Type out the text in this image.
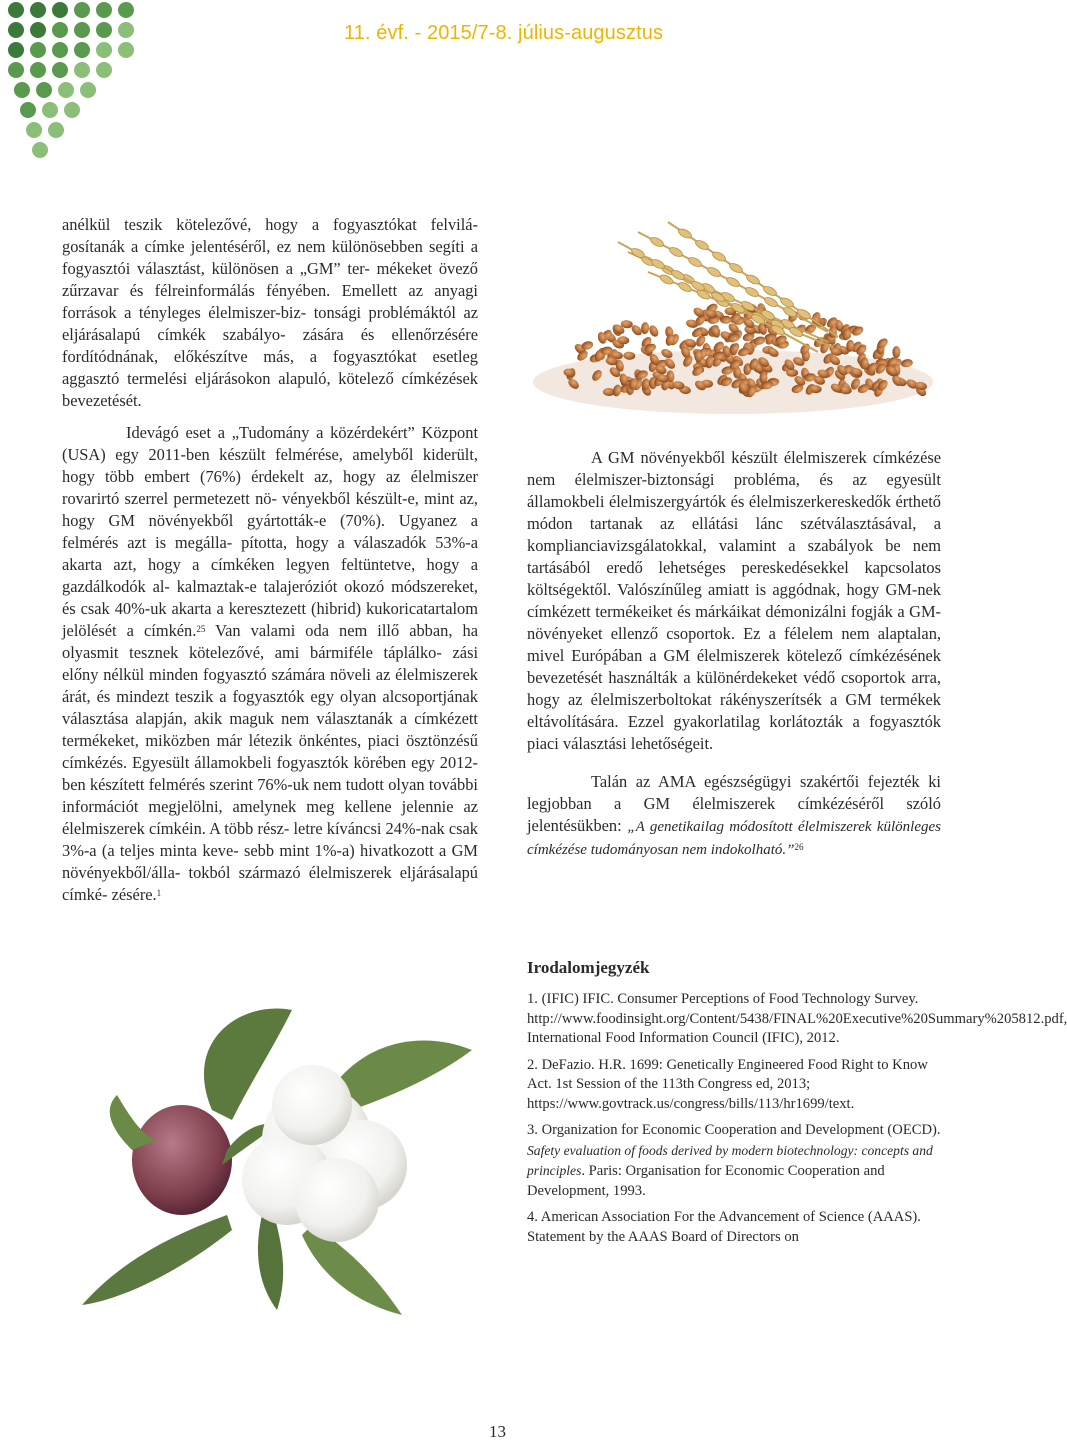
11. évf. - 2015/7-8. július-augusztus

anélkül teszik kötelezővé, hogy a fogyasztókat felvilá- gosítanák a címke jelentéséről, ez nem különösebben segíti a fogyasztói választást, különösen a „GM” ter- mékeket övező zűrzavar és félreinformálás fényében. Emellett az anyagi források a tényleges élelmiszer-biz- tonsági problémáktól az eljárásalapú címkék szabályo- zására és ellenőrzésére fordítódnának, előkészítve más, a fogyasztókat esetleg aggasztó termelési eljárásokon alapuló, kötelező címkézések bevezetését.

Idevágó eset a „Tudomány a közérdekért” Központ (USA) egy 2011-ben készült felmérése, amelyből kiderült, hogy több embert (76%) érdekelt az, hogy az élelmiszer rovarirtó szerrel permetezett nö- vényekből készült-e, mint az, hogy GM növényekből gyártották-e (70%). Ugyanez a felmérés azt is megálla- pította, hogy a válaszadók 53%-a akarta azt, hogy a címkéken legyen feltüntetve, hogy a gazdálkodók al- kalmaztak-e talajeróziót okozó módszereket, és csak 40%-uk akarta a keresztezett (hibrid) kukoricatartalom jelölését a címkén.$^{25}$ Van valami oda nem illő abban, ha olyasmit tesznek kötelezővé, ami bármiféle táplálko- zási előny nélkül minden fogyasztó számára növeli az élelmiszerek árát, és mindezt teszik a fogyasztók egy olyan alcsoportjának választása alapján, akik maguk nem választanák a címkézett termékeket, miközben már létezik önkéntes, piaci ösztönzésű címkézés. Egyesült államokbeli fogyasztók körében egy 2012- ben készített felmérés szerint 76%-uk nem tudott olyan további információt megjelölni, amelynek meg kellene jelennie az élelmiszerek címkéin. A több rész- letre kíváncsi 24%-nak csak 3%-a (a teljes minta keve- sebb mint 1%-a) hivatkozott a GM növényekből/álla- tokból származó élelmiszerek eljárásalapú címké- zésére.$^1$

A GM növényekből készült élelmiszerek címkézése nem élelmiszer-biztonsági probléma, és az egyesült államokbeli élelmiszergyártók és élelmiszerkereskedők érthető módon tartanak az ellátási lánc szétválasztásával, a komplianciavizsgálatokkal, valamint a szabályok be nem tartásából eredő lehetséges pereskedésekkel kapcsolatos költségektől. Valószínűleg amiatt is aggódnak, hogy GM-nek címkézett termékeiket és márkáikat démonizálni fogják a GM-növényeket ellenző csoportok. Ez a félelem nem alaptalan, mivel Európában a GM élelmiszerek kötelező címkézésének bevezetését használták a különérdekeket védő csoportok arra, hogy az élelmiszerboltokat rákényszerítsék a GM termékek eltávolítására. Ezzel gyakorlatilag korlátozták a fogyasztók piaci választási lehetőségeit.

Talán az AMA egészségügyi szakértői fejezték ki legjobban a GM élelmiszerek címkézéséről szóló jelentésükben: „A genetikailag módosított élelmiszerek különleges címkézése tudományosan nem indokolható.”$^{26}$

Irodalomjegyzék

1. (IFIC) IFIC. Consumer Perceptions of Food Technology Survey. http://www.foodinsight.org/Content/5438/FINAL%20Executive%20Summary%205812.pdf, International Food Information Council (IFIC), 2012.

2. DeFazio. H.R. 1699: Genetically Engineered Food Right to Know Act. 1st Session of the 113th Congress ed, 2013; https://www.govtrack.us/congress/bills/113/hr1699/text.

3. Organization for Economic Cooperation and Development (OECD). Safety evaluation of foods derived by modern biotechnology: concepts and principles. Paris: Organisation for Economic Cooperation and Development, 1993.

4. American Association For the Advancement of Science (AAAS). Statement by the AAAS Board of Directors on

13
